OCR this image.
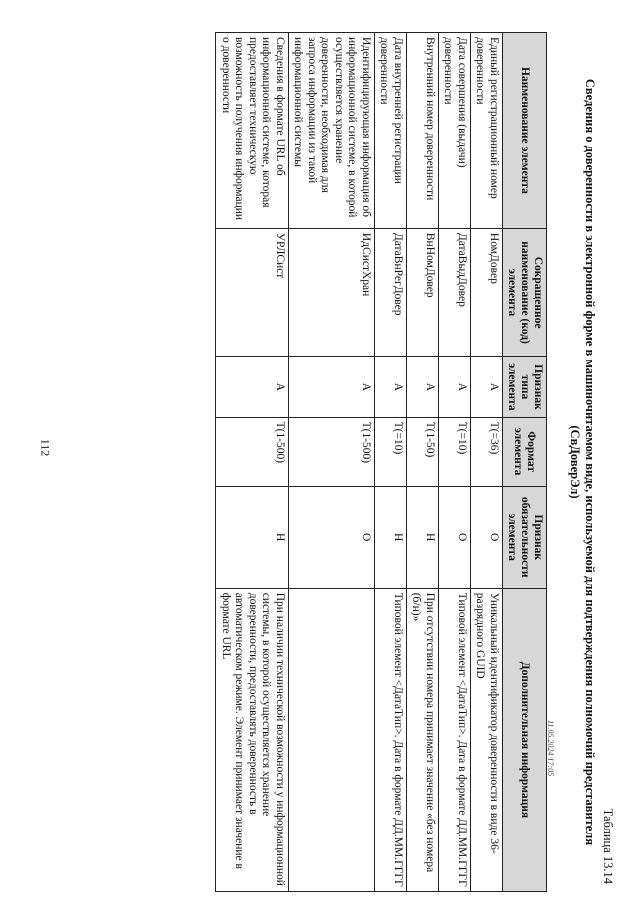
112
11.05.2024 17:05
Таблица 13.14
Сведения о доверенности в электронной форме в машиночитаемом виде, используемой для подтверждения полномочий представителя (СвДоверЭл)
Наименование элемента	Сокращенное наименование (код) элемента	Признак типа элемента	Формат элемента	Признак обязательности элемента	Дополнительная информация
Единый регистрационный номер доверенности	НомДовер	А	T(=36)	О	Уникальный идентификатор доверенности в виде 36-разрядного GUID
Дата совершения (выдачи) доверенности	ДатаВыдДовер	А	T(=10)	О	Типовой элемент <ДатаТип>. Дата в формате ДД.ММ.ГГГГ
Внутренний номер доверенности	ВнНомДовер	А	T(1-50)	Н	При отсутствии номера принимает значение «без номера (б/н)»
Дата внутренней регистрации доверенности	ДатаВнРегДовер	А	T(=10)	Н	Типовой элемент <ДатаТип>. Дата в формате ДД.ММ.ГГГГ
Идентифицирующая информация об информационной системе, в которой осуществляется хранение доверенности, необходимая для запроса информации из такой информационной системы	ИдСистХран	А	T(1-500)	О	
Сведения в формате URL об информационной системе, которая предоставляет техническую возможность получения информации о доверенности	УРЛСист	А	T(1-500)	Н	При наличии технической возможности у информационной системы, в которой осуществляется хранение доверенности, предоставлять доверенность в автоматическом режиме. Элемент принимает значение в формате URL
